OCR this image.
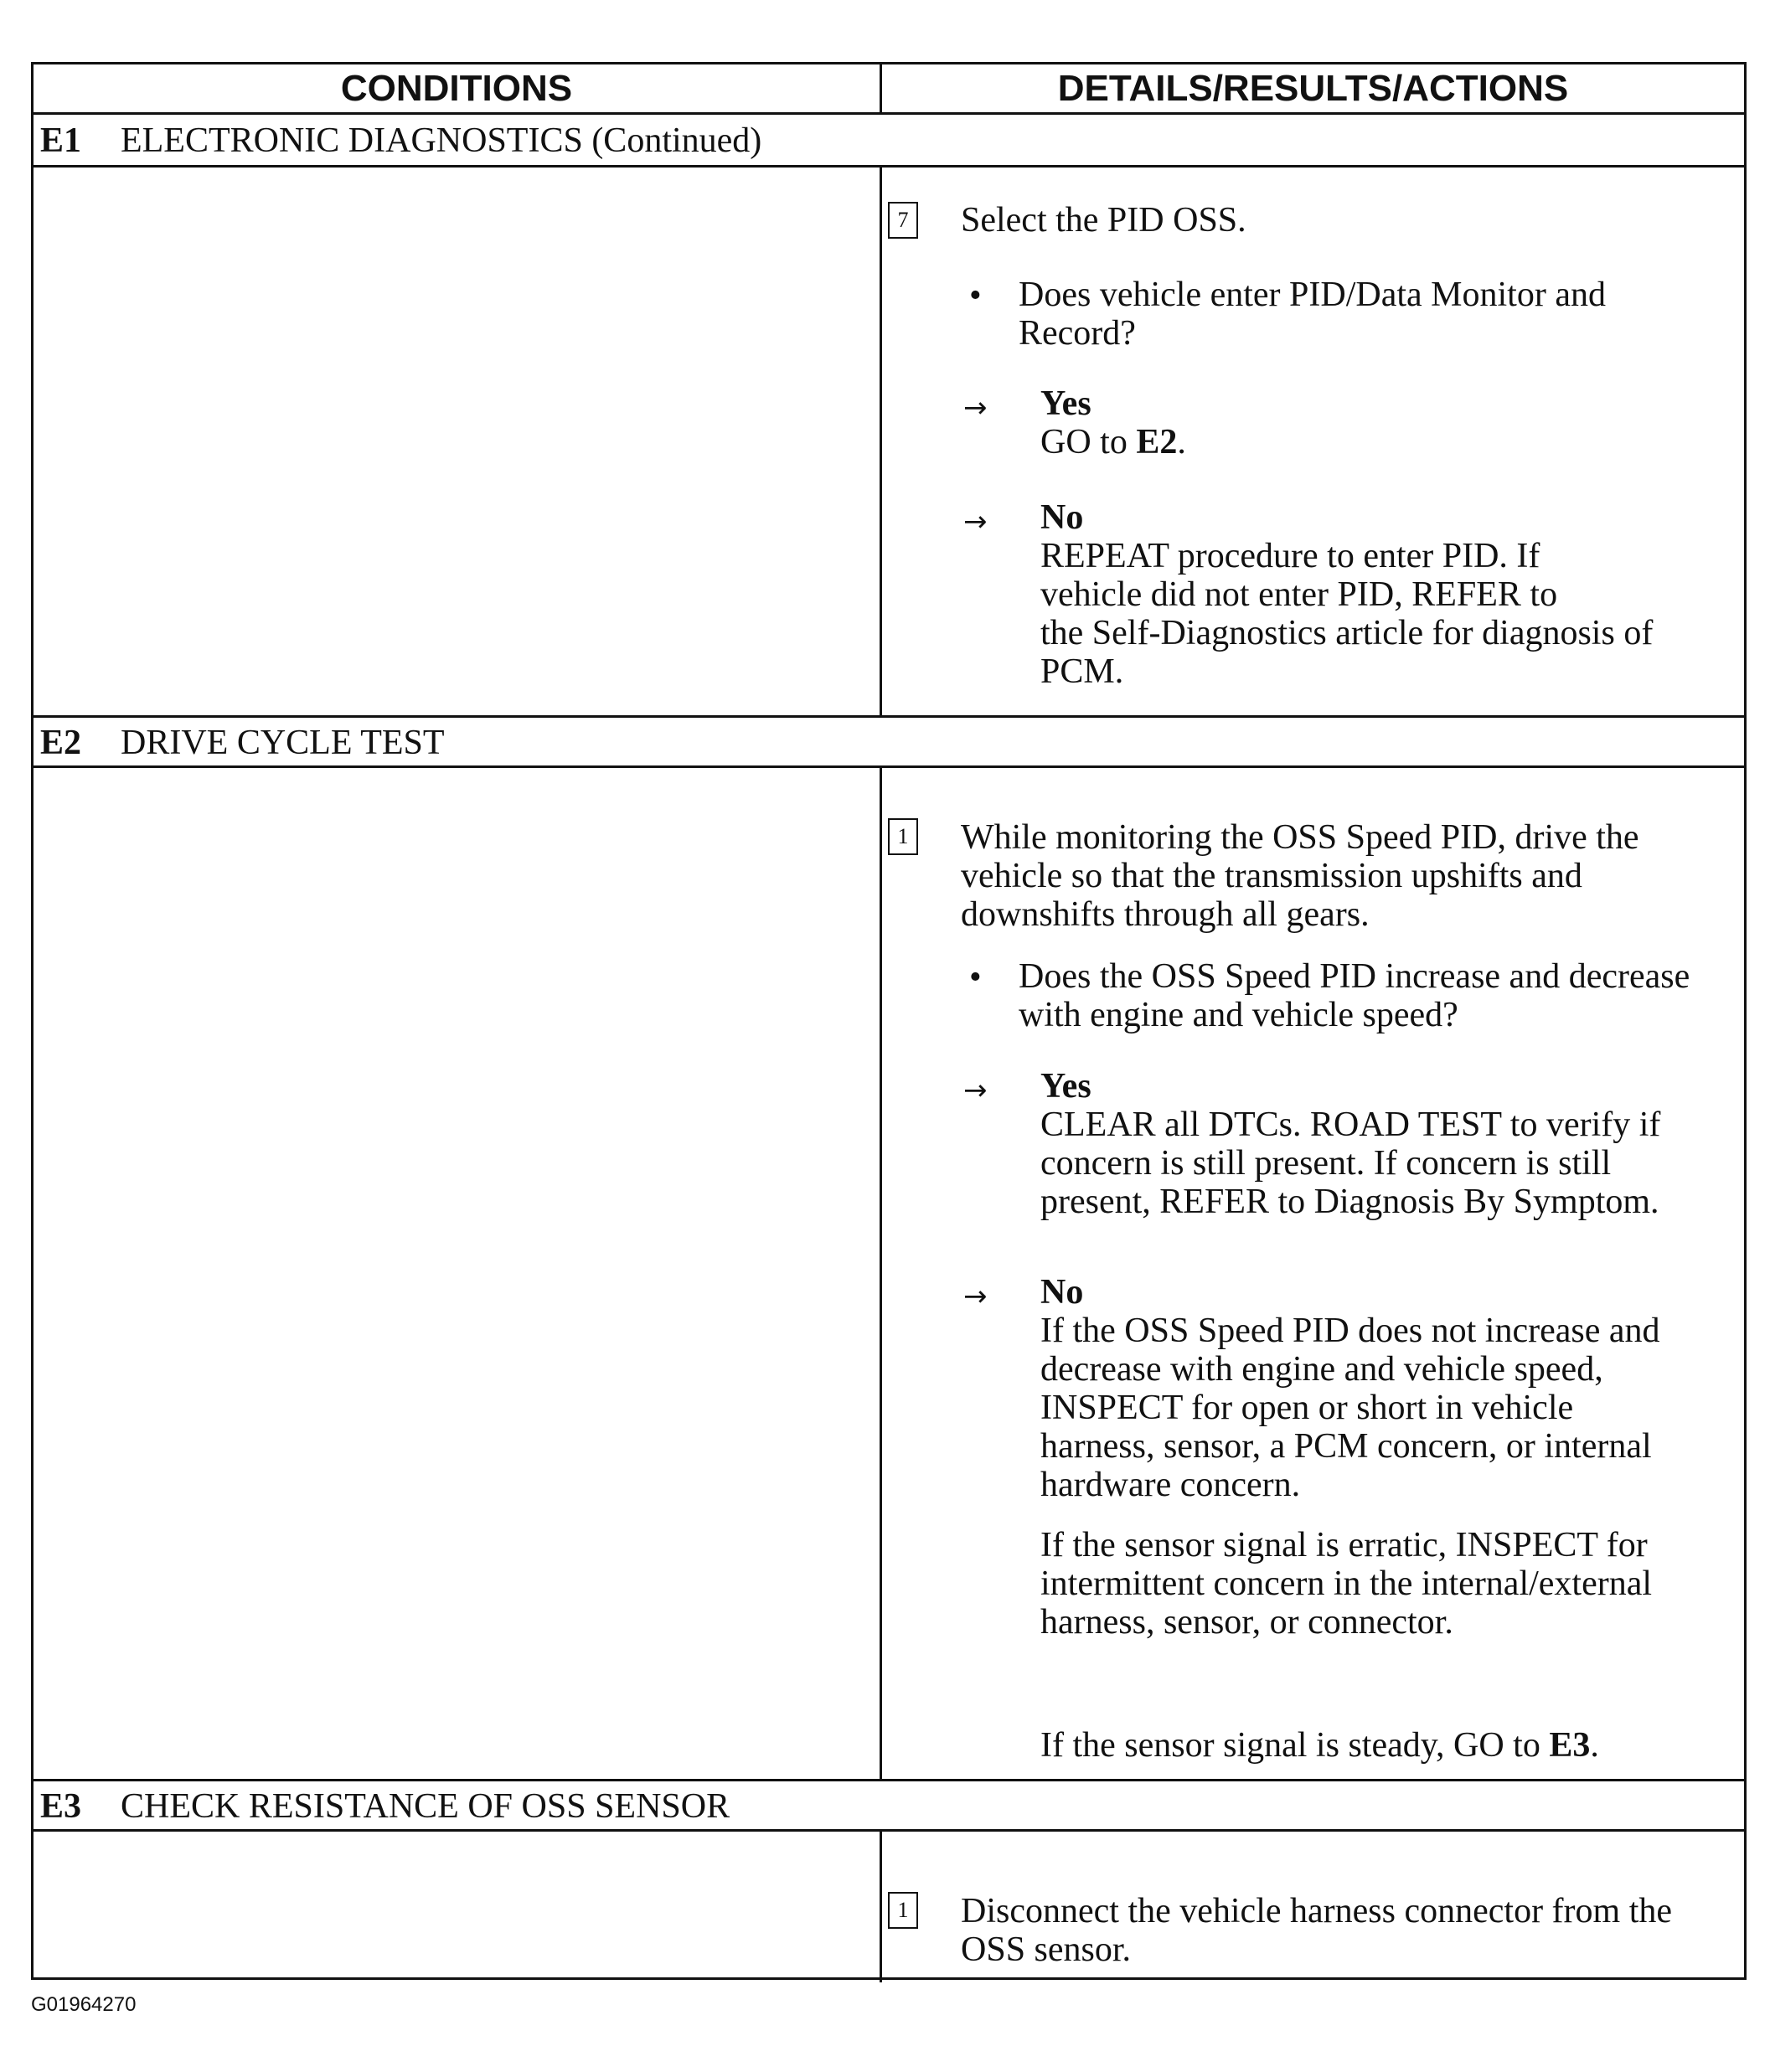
CONDITIONS	DETAILS/RESULTS/ACTIONS
E1 ELECTRONIC DIAGNOSTICS (Continued)
7 Select the PID OSS.
• Does vehicle enter PID/Data Monitor and
Record?
→ Yes
GO to E2.
→ No
REPEAT procedure to enter PID. If
vehicle did not enter PID, REFER to
the Self-Diagnostics article for diagnosis of
PCM.
E2 DRIVE CYCLE TEST
1 While monitoring the OSS Speed PID, drive the
vehicle so that the transmission upshifts and
downshifts through all gears.
• Does the OSS Speed PID increase and decrease
with engine and vehicle speed?
→ Yes
CLEAR all DTCs. ROAD TEST to verify if
concern is still present. If concern is still
present, REFER to Diagnosis By Symptom.
→ No
If the OSS Speed PID does not increase and
decrease with engine and vehicle speed,
INSPECT for open or short in vehicle
harness, sensor, a PCM concern, or internal
hardware concern.
If the sensor signal is erratic, INSPECT for
intermittent concern in the internal/external
harness, sensor, or connector.
If the sensor signal is steady, GO to E3.
E3 CHECK RESISTANCE OF OSS SENSOR
1 Disconnect the vehicle harness connector from the
OSS sensor.
G01964270
